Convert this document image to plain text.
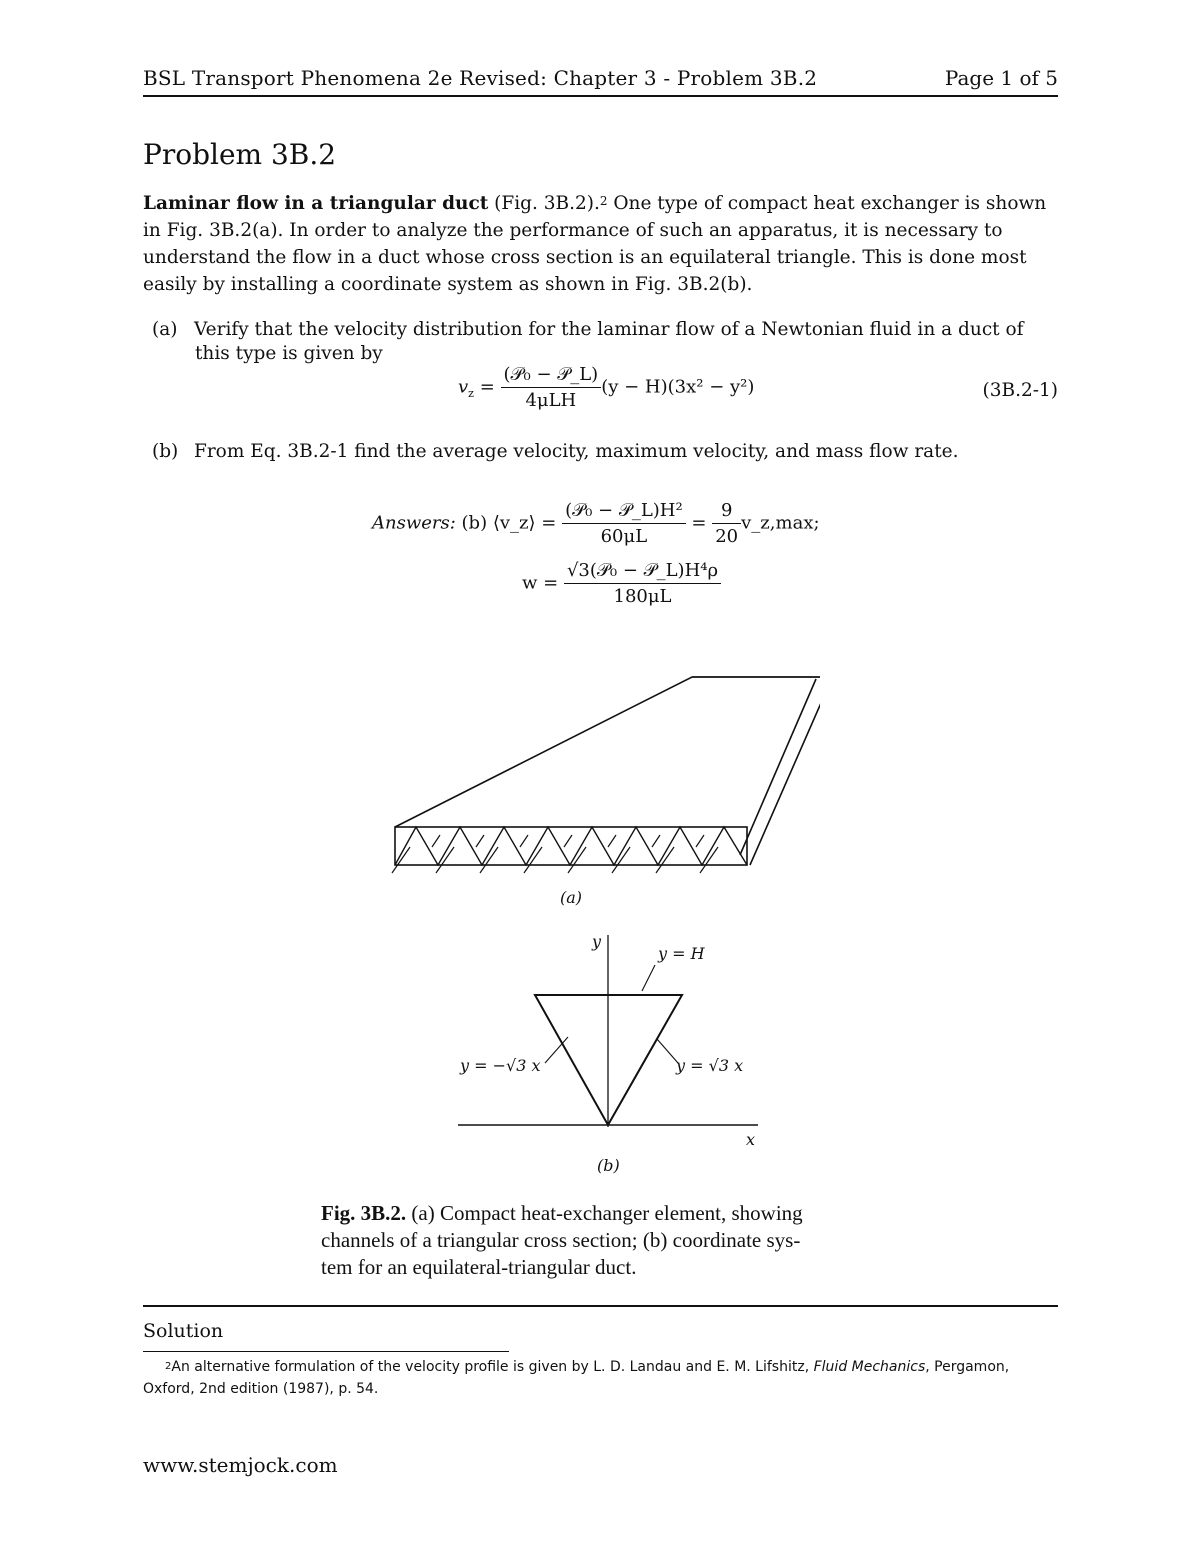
BSL Transport Phenomena 2e Revised: Chapter 3 - Problem 3B.2	Page 1 of 5
Problem 3B.2
Laminar flow in a triangular duct (Fig. 3B.2).$^2$ One type of compact heat exchanger is shown in Fig. 3B.2(a). In order to analyze the performance of such an apparatus, it is necessary to understand the flow in a duct whose cross section is an equilateral triangle. This is done most easily by installing a coordinate system as shown in Fig. 3B.2(b).
(a) Verify that the velocity distribution for the laminar flow of a Newtonian fluid in a duct of
this type is given by
$v_z = \frac{\text{(𝒫₀ − 𝒫\_L)}}{\text{4μLH}} (y - H)(3x^2 - y^2)$	(3B.2-1)
(b) From Eq. 3B.2-1 find the average velocity, maximum velocity, and mass flow rate.
Answers: (b) ⟨v_z⟩ = $\frac{\text{(𝒫₀ − 𝒫\_L)H²}}{60\mu L} = \frac{9}{20}$ v_z,max;
$w = \frac{\text{√3(𝒫₀ − 𝒫\_L)H⁴ρ}}{180\mu L}$
y
x
y = H
y = −√3 x	y = √3 x
(a)
(b)
Fig. 3B.2. (a) Compact heat-exchanger element, showing
channels of a triangular cross section; (b) coordinate sys-
tem for an equilateral-triangular duct.
Solution
$^2$An alternative formulation of the velocity profile is given by L. D. Landau and E. M. Lifshitz, Fluid Mechanics, Pergamon, Oxford, 2nd edition (1987), p. 54.
www.stemjock.com
